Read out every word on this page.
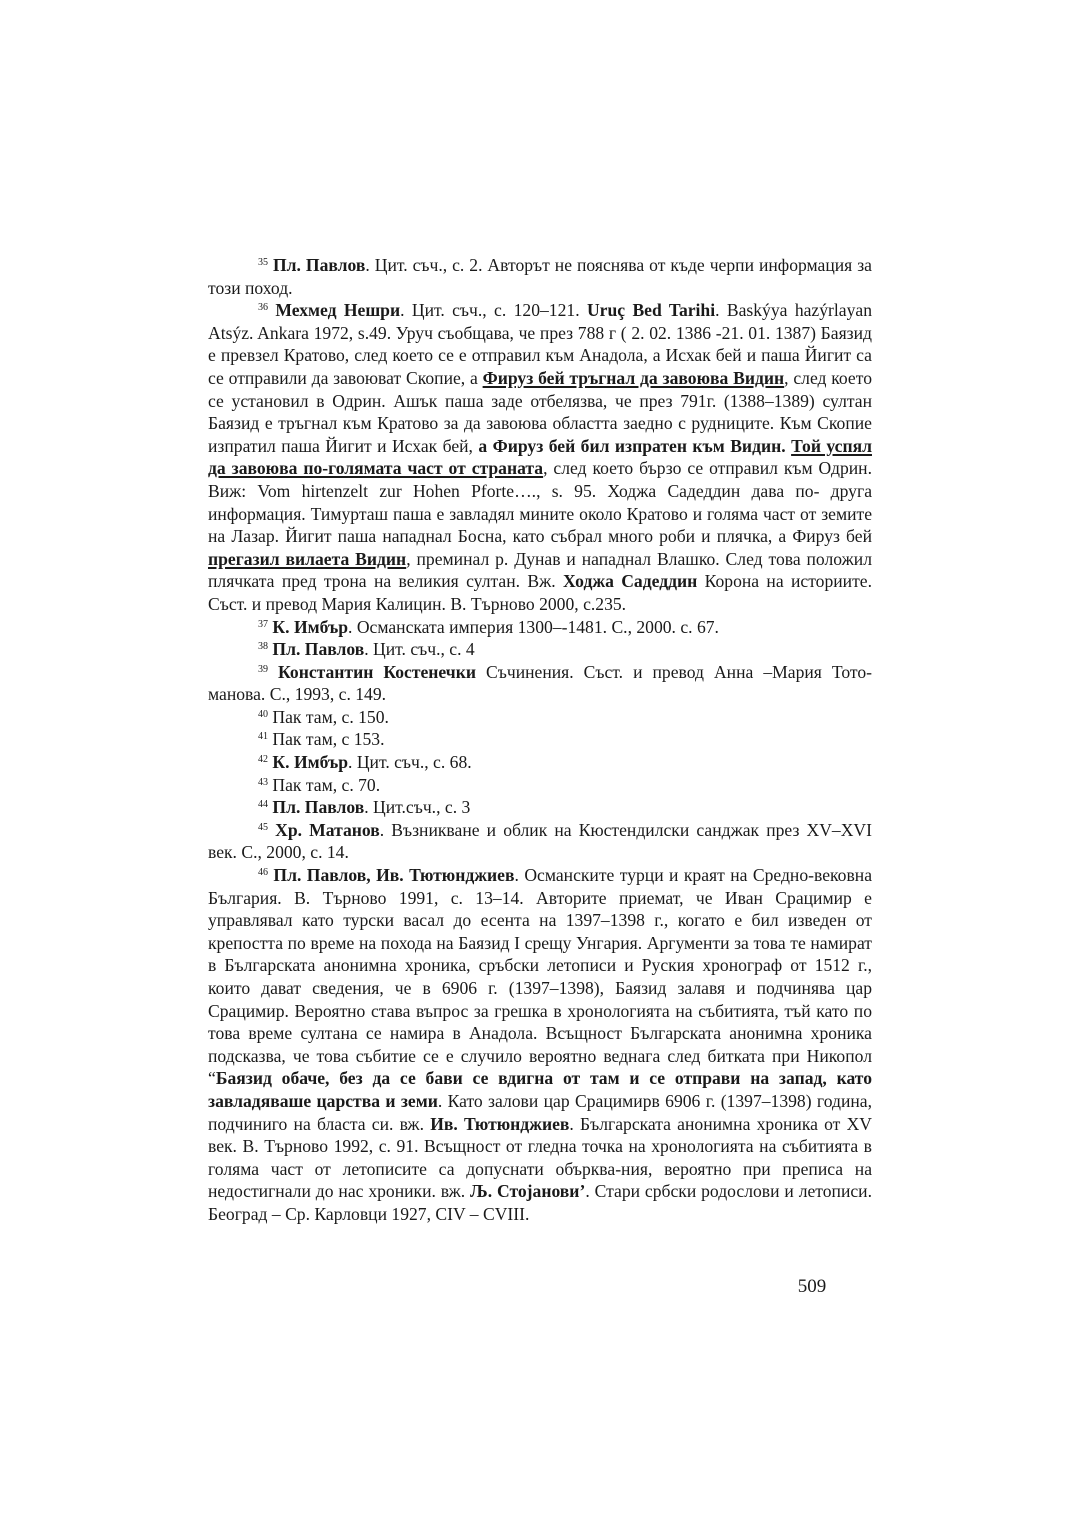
$^{35}$ Пл. Павлов. Цит. съч., с. 2. Авторът не пояснява от къде черпи информация за този поход.

$^{36}$ Мехмед Нешри. Цит. съч., с. 120–121. Uruç Bed Tarihi. Baskýya hazýrlayan Atsýz. Ankara 1972, s.49. Уруч съобщава, че през 788 г ( 2. 02. 1386 -21. 01. 1387) Баязид е превзел Кратово, след което се е отправил към Анадола, а Исхак бей и паша Йигит са се отправили да завоюват Скопие, а Фируз бей тръгнал да завоюва Видин, след което се установил в Одрин. Ашък паша заде отбелязва, че през 791г. (1388–1389) султан Баязид е тръгнал към Кратово за да завоюва областта заедно с рудниците. Към Скопие изпратил паша Йигит и Исхак бей, а Фируз бей бил изпратен към Видин. Той успял да завоюва по-голямата част от страната, след което бързо се отправил към Одрин. Виж: Vom hirtenzelt zur Hohen Pforte…., s. 95. Ходжа Садеддин дава по- друга информация. Тимурташ паша е завладял мините около Кратово и голяма част от земите на Лазар. Йигит паша нападнал Босна, като събрал много роби и плячка, а Фируз бей прегазил вилаета Видин, преминал р. Дунав и нападнал Влашко. След това положил плячката пред трона на великия султан. Вж. Ходжа Садеддин Корона на историите. Съст. и превод Мария Калицин. В. Търново 2000, с.235.

$^{37}$ К. Имбър. Османската империя 1300–-1481. С., 2000. с. 67.

$^{38}$ Пл. Павлов. Цит. съч., с. 4

$^{39}$ Константин Костенечки Съчинения. Съст. и превод Анна –Мария Тото-манова. С., 1993, с. 149.

$^{40}$ Пак там, с. 150.

$^{41}$ Пак там, с 153.

$^{42}$ К. Имбър. Цит. съч., с. 68.

$^{43}$ Пак там, с. 70.

$^{44}$ Пл. Павлов. Цит.съч., с. 3

$^{45}$ Хр. Матанов. Възникване и облик на Кюстендилски санджак през XV–XVI век. С., 2000, с. 14.

$^{46}$ Пл. Павлов, Ив. Тютюнджиев. Османските турци и краят на Средно-вековна България. В. Търново 1991, с. 13–14. Авторите приемат, че Иван Срацимир е управлявал като турски васал до есента на 1397–1398 г., когато е бил изведен от крепостта по време на похода на Баязид I срещу Унгария. Аргументи за това те намират в Българската анонимна хроника, сръбски летописи и Руския хронограф от 1512 г., които дават сведения, че в 6906 г. (1397–1398), Баязид залавя и подчинява цар Срацимир. Вероятно става въпрос за грешка в хронологията на събитията, тъй като по това време султана се намира в Анадола. Всъщност Българската анонимна хроника подсказва, че това събитие се е случило вероятно веднага след битката при Никопол “Баязид обаче, без да се бави се вдигна от там и се отправи на запад, като завладяваше царства и земи. Като залови цар Срацимирв 6906 г. (1397–1398) година, подчиниго на бласта си. вж. Ив. Тютюнджиев. Българската анонимна хроника от XV век. В. Търново 1992, с. 91. Всъщност от гледна точка на хронологията на събитията в голяма част от летописите са допуснати обърква-ния, вероятно при преписа на недостигнали до нас хроники. вж. Љ. Стојанови’. Стари србски родослови и летописи. Београд – Ср. Карловци 1927, CIV – CVIII.

509
